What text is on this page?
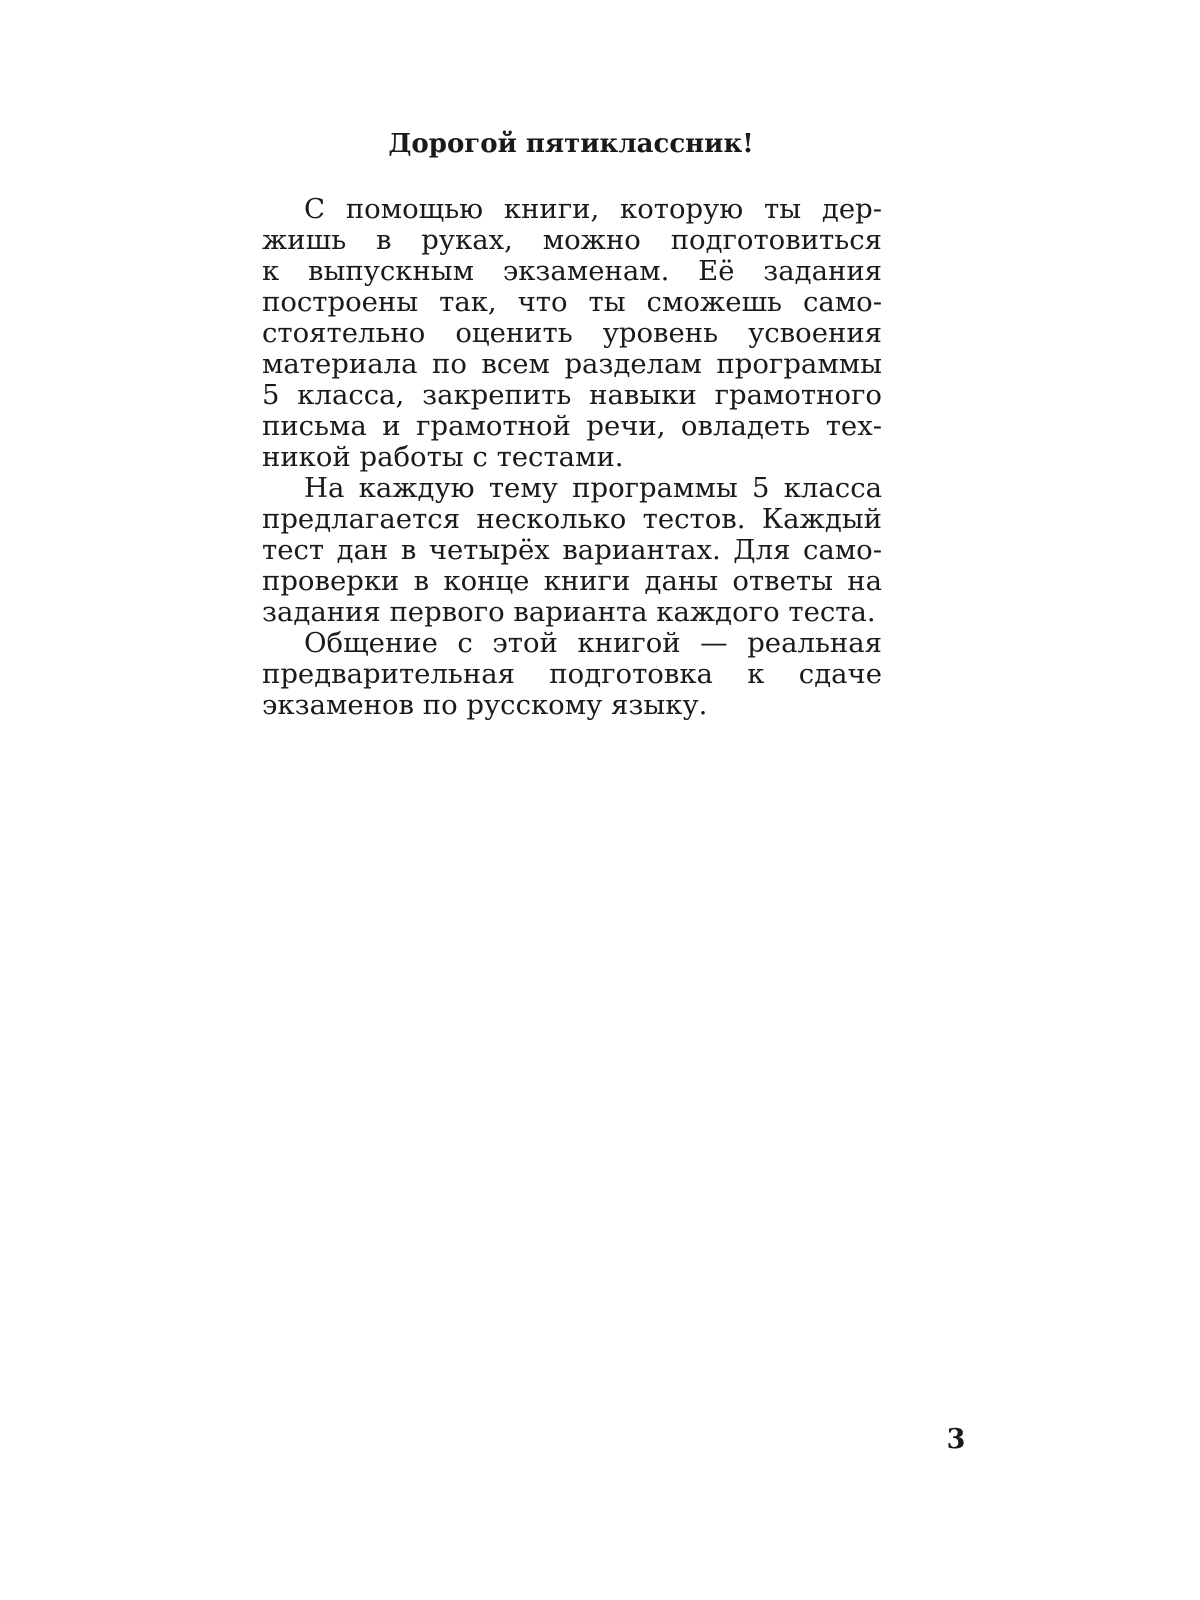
Дорогой пятиклассник!

С помощью книги, которую ты дер-
жишь в руках, можно подготовиться
к выпускным экзаменам. Её задания
построены так, что ты сможешь само-
стоятельно оценить уровень усвоения
материала по всем разделам программы
5 класса, закрепить навыки грамотного
письма и грамотной речи, овладеть тех-
никой работы с тестами.

На каждую тему программы 5 класса
предлагается несколько тестов. Каждый
тест дан в четырёх вариантах. Для само-
проверки в конце книги даны ответы на
задания первого варианта каждого теста.

Общение с этой книгой — реальная
предварительная подготовка к сдаче
экзаменов по русскому языку.

3
